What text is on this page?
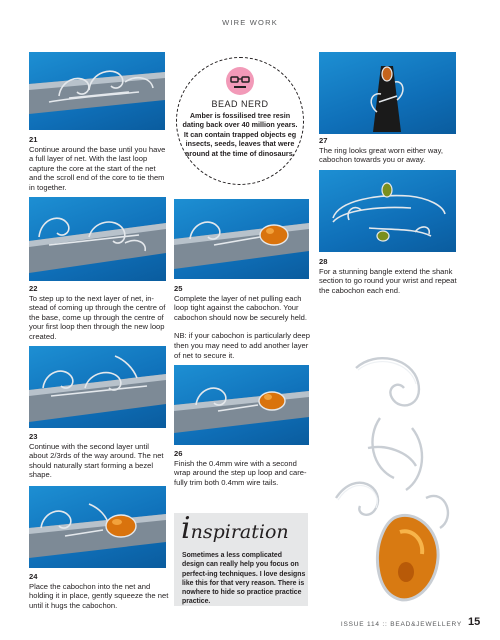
WIRE WORK
BEAD NERD
Amber is fossilised tree resin dating back over 40 million years. It can contain trapped objects eg insects, seeds, leaves that were around at the time of dinosaurs.
21

Continue around the base until you have a full layer of net. With the last loop capture the core at the start of the net and the scroll end of the core to tie them in together.

27

The ring looks great worn either way, cabochon towards you or away.

28

For a stunning bangle extend the shank section to go round your wrist and repeat the cabochon each end.

22

To step up to the next layer of net, in-stead of coming up through the centre of the base, come up through the centre of your first loop then through the new loop created.

25

Complete the layer of net pulling each loop tight against the cabochon. Your cabochon should now be securely held.

NB: if your cabochon is particularly deep then you may need to add another layer of net to secure it.

23

Continue with the second layer until about 2/3rds of the way around. The net should naturally start forming a bezel shape.

26

Finish the 0.4mm wire with a second wrap around the step up loop and care-fully trim both 0.4mm wire tails.

inspiration
Sometimes a less complicated design can really help you focus on perfect-ing techniques. I love designs like this for that very reason. There is nowhere to hide so practice practice practice.
24

Place the cabochon into the net and holding it in place, gently squeeze the net until it hugs the cabochon.

ISSUE 114 :: BEAD&JEWELLERY 15
